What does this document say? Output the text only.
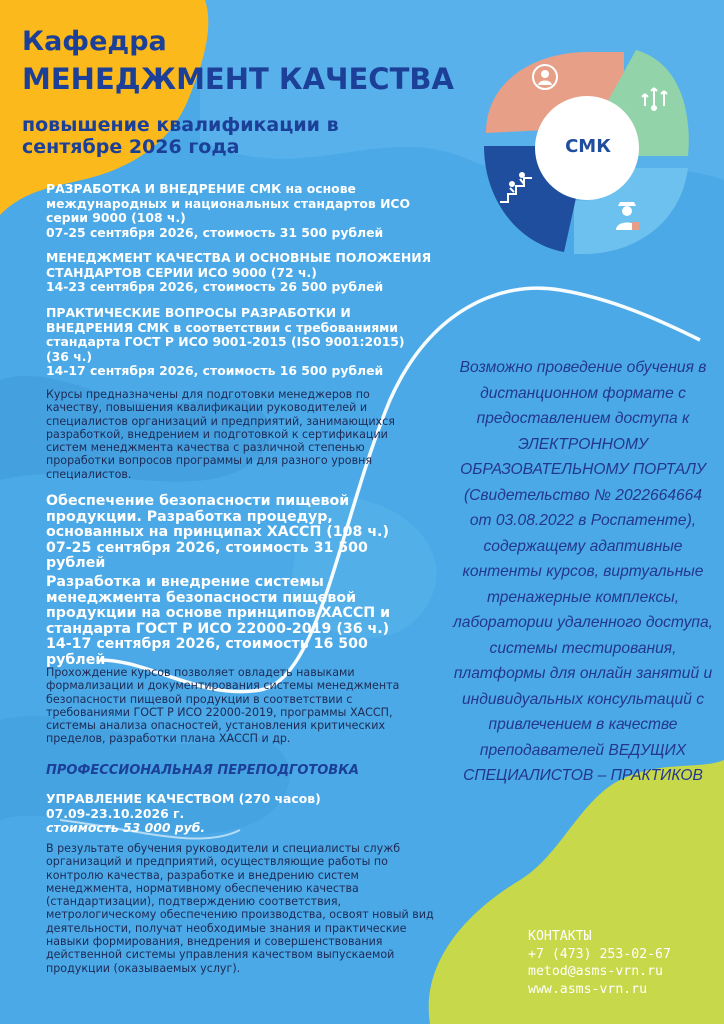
СМК
Кафедра
МЕНЕДЖМЕНТ КАЧЕСТВА
повышение квалификации в сентябре 2026 года
РАЗРАБОТКА И ВНЕДРЕНИЕ СМК на основе международных и национальных стандартов ИСО серии 9000 (108 ч.)
07-25 сентября 2026, стоимость 31 500 рублей
МЕНЕДЖМЕНТ КАЧЕСТВА И ОСНОВНЫЕ ПОЛОЖЕНИЯ СТАНДАРТОВ СЕРИИ ИСО 9000 (72 ч.)
14-23 сентября 2026, стоимость 26 500 рублей
ПРАКТИЧЕСКИЕ ВОПРОСЫ РАЗРАБОТКИ И ВНЕДРЕНИЯ СМК в соответствии с требованиями стандарта ГОСТ Р ИСО 9001-2015 (ISO 9001:2015) (36 ч.)
14-17 сентября 2026, стоимость 16 500 рублей
Курсы предназначены для подготовки менеджеров по качеству, повышения квалификации руководителей и специалистов организаций и предприятий, занимающихся разработкой, внедрением и подготовкой к сертификации систем менеджмента качества с различной степенью проработки вопросов программы и для разного уровня специалистов.
Обеспечение безопасности пищевой продукции. Разработка процедур, основанных на принципах ХАССП (108 ч.)
07-25 сентября 2026, стоимость 31 500 рублей
Разработка и внедрение системы менеджмента безопасности пищевой продукции на основе принципов ХАССП и стандарта ГОСТ Р ИСО 22000-2019 (36 ч.)
14-17 сентября 2026, стоимость 16 500 рублей
Прохождение курсов позволяет овладеть навыками формализации и документирования системы менеджмента безопасности пищевой продукции в соответствии с требованиями ГОСТ Р ИСО 22000-2019, программы ХАССП, системы анализа опасностей, установления критических пределов, разработки плана ХАССП и др.
ПРОФЕССИОНАЛЬНАЯ ПЕРЕПОДГОТОВКА
УПРАВЛЕНИЕ КАЧЕСТВОМ (270 часов)
07.09-23.10.2026 г.
стоимость 53 000 руб.
В результате обучения руководители и специалисты служб организаций и предприятий, осуществляющие работы по контролю качества, разработке и внедрению систем менеджмента, нормативному обеспечению качества (стандартизации), подтверждению соответствия, метрологическому обеспечению производства, освоят новый вид деятельности, получат необходимые знания и практические навыки формирования, внедрения и совершенствования действенной системы управления качеством выпускаемой продукции (оказываемых услуг).
Возможно проведение обучения в дистанционном формате с предоставлением доступа к ЭЛЕКТРОННОМУ ОБРАЗОВАТЕЛЬНОМУ ПОРТАЛУ (Свидетельство № 2022664664 от 03.08.2022 в Роспатенте), содержащему адаптивные контенты курсов, виртуальные тренажерные комплексы, лаборатории удаленного доступа, системы тестирования, платформы для онлайн занятий и индивидуальных консультаций с привлечением в качестве преподавателей ВЕДУЩИХ СПЕЦИАЛИСТОВ – ПРАКТИКОВ
КОНТАКТЫ
+7 (473) 253-02-67
metod@asms-vrn.ru
www.asms-vrn.ru
